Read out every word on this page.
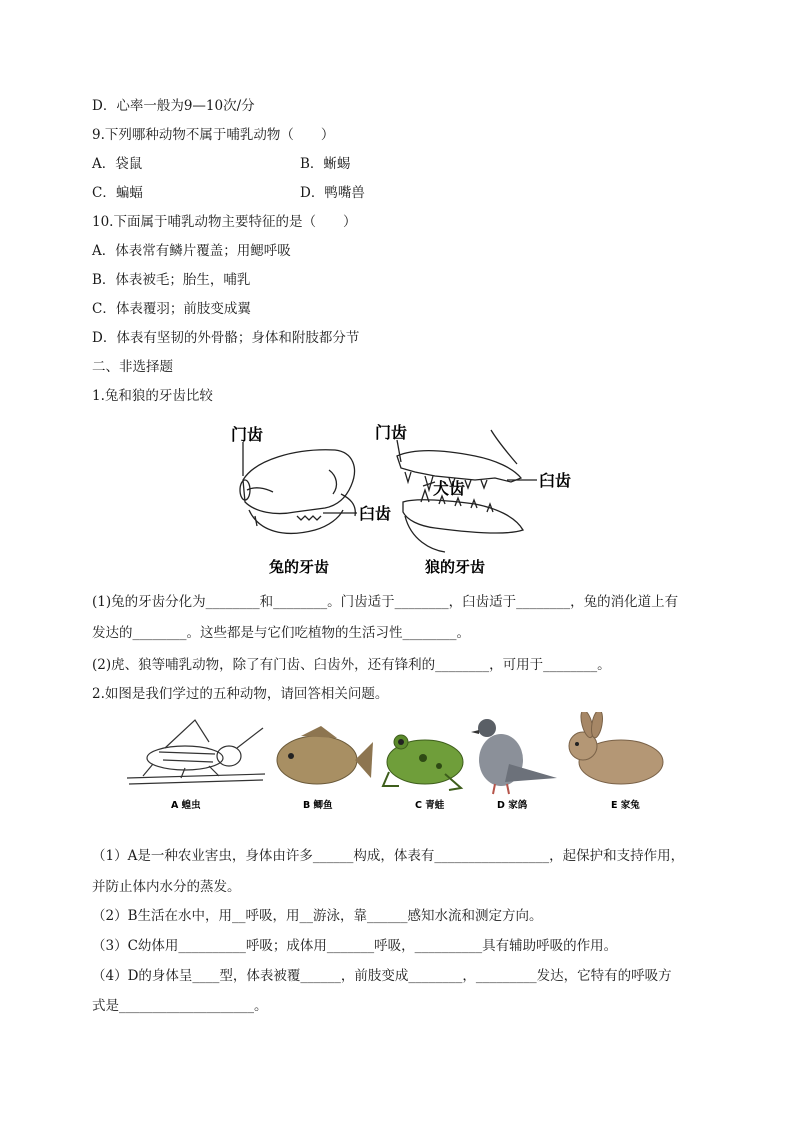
D．心率一般为9—10次/分
9.下列哪种动物不属于哺乳动物（　　）
A．袋鼠	B．蜥蜴
C．蝙蝠	D．鸭嘴兽
10.下面属于哺乳动物主要特征的是（　　）
A．体表常有鳞片覆盖；用鳃呼吸
B．体表被毛；胎生，哺乳
C．体表覆羽；前肢变成翼
D．体表有坚韧的外骨骼；身体和附肢都分节
二、非选择题
1.兔和狼的牙齿比较
门齿
臼齿
兔的牙齿
门齿
犬齿	臼齿
狼的牙齿
(1)兔的牙齿分化为________和________。门齿适于________，臼齿适于________，兔的消化道上有
发达的________。这些都是与它们吃植物的生活习性________。
(2)虎、狼等哺乳动物，除了有门齿、臼齿外，还有锋利的________，可用于________。
2.如图是我们学过的五种动物，请回答相关问题。
A 蝗虫	B 鲫鱼	C 青蛙	D 家鸽	E 家兔
（1）A是一种农业害虫，身体由许多______构成，体表有_________________，起保护和支持作用，
并防止体内水分的蒸发。
（2）B生活在水中，用__呼吸，用__游泳，靠______感知水流和测定方向。
（3）C幼体用__________呼吸；成体用_______呼吸，__________具有辅助呼吸的作用。
（4）D的身体呈____型，体表被覆______，前肢变成________，_________发达，它特有的呼吸方
式是____________________。
